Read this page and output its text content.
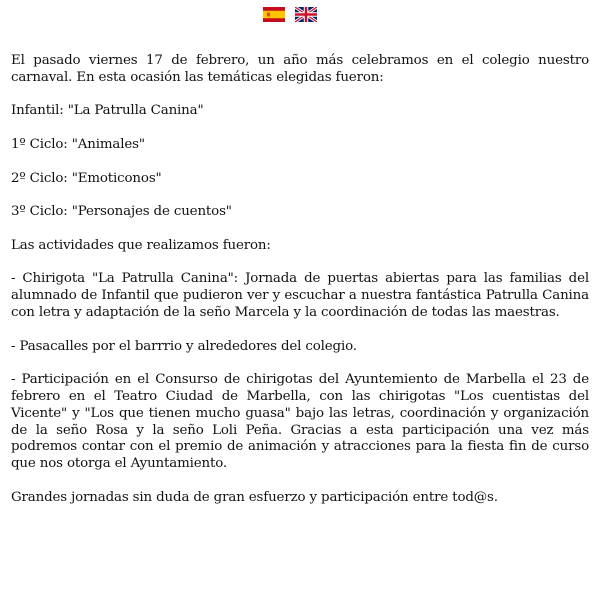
El pasado viernes 17 de febrero, un año más celebramos en el colegio nuestro carnaval. En esta ocasión las temáticas elegidas fueron:

Infantil: "La Patrulla Canina"

1º Ciclo: "Animales"

2º Ciclo: "Emoticonos"

3º Ciclo: "Personajes de cuentos"

Las actividades que realizamos fueron:

- Chirigota "La Patrulla Canina": Jornada de puertas abiertas para las familias del alumnado de Infantil que pudieron ver y escuchar a nuestra fantástica Patrulla Canina con letra y adaptación de la seño Marcela y la coordinación de todas las maestras.

- Pasacalles por el barrrio y alrededores del colegio.

- Participación en el Consurso de chirigotas del Ayuntemiento de Marbella el 23 de febrero en el Teatro Ciudad de Marbella, con las chirigotas "Los cuentistas del Vicente" y "Los que tienen mucho guasa" bajo las letras, coordinación y organización de la seño Rosa y la seño Loli Peña. Gracias a esta participación una vez más podremos contar con el premio de animación y atracciones para la fiesta fin de curso que nos otorga el Ayuntamiento.

Grandes jornadas sin duda de gran esfuerzo y participación entre tod@s.
